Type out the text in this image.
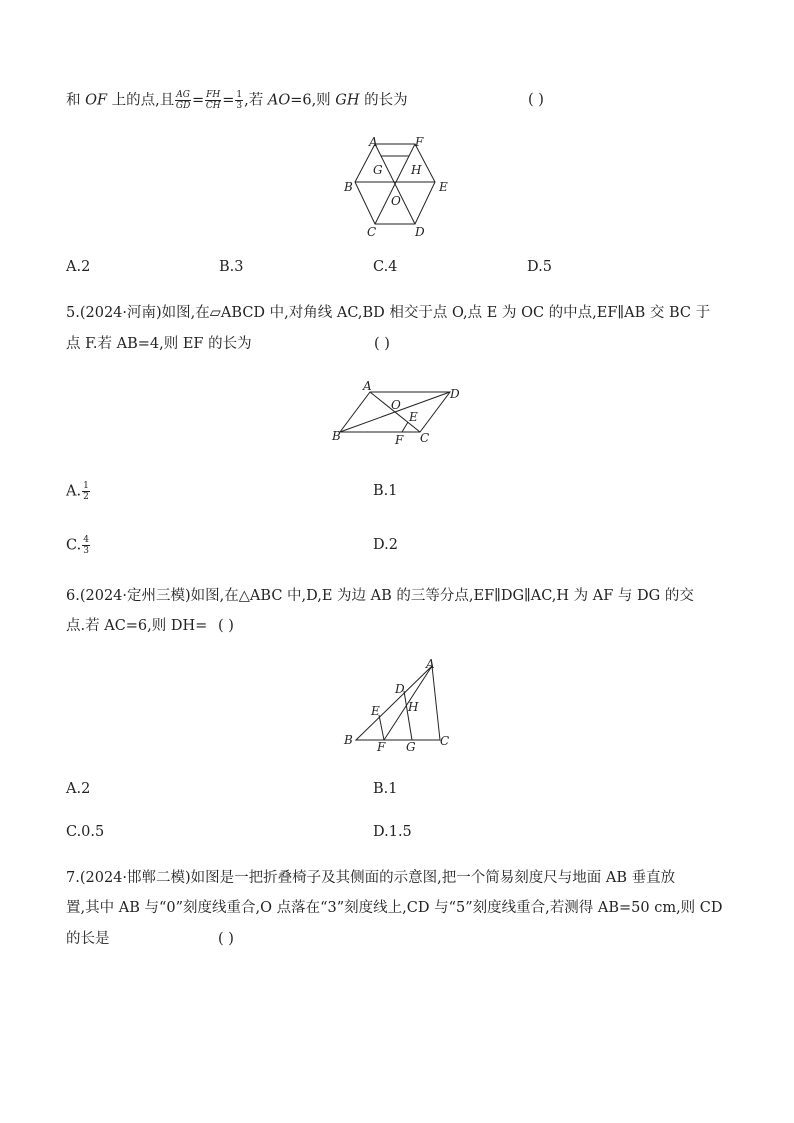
和 OF 上的点,且 $\frac{AG}{GD} = \frac{FH}{CH} = \frac{1}{3}$ ,若 AO=6,则 GH 的长为	( )
A	F
G H
B	E
O
C	D
A.2	B.3	C.4	D.5
5.(2024·河南)如图,在▱ABCD 中,对角线 AC,BD 相交于点 O,点 E 为 OC 的中点,EF∥AB 交 BC 于
点 F.若 AB=4,则 EF 的长为	( )
A
D
O
E
B	F C
A. $\frac{1}{2}$	B.1
C. $\frac{4}{3}$	D.2
6.(2024·定州三模)如图,在△ABC 中,D,E 为边 AB 的三等分点,EF∥DG∥AC,H 为 AF 与 DG 的交
点.若 AC=6,则 DH= ( )
A
D
E H
B F G C
A.2	B.1
C.0.5	D.1.5
7.(2024·邯郸二模)如图是一把折叠椅子及其侧面的示意图,把一个简易刻度尺与地面 AB 垂直放
置,其中 AB 与“0”刻度线重合,O 点落在“3”刻度线上,CD 与“5”刻度线重合,若测得 AB=50 cm,则 CD
的长是	( )
